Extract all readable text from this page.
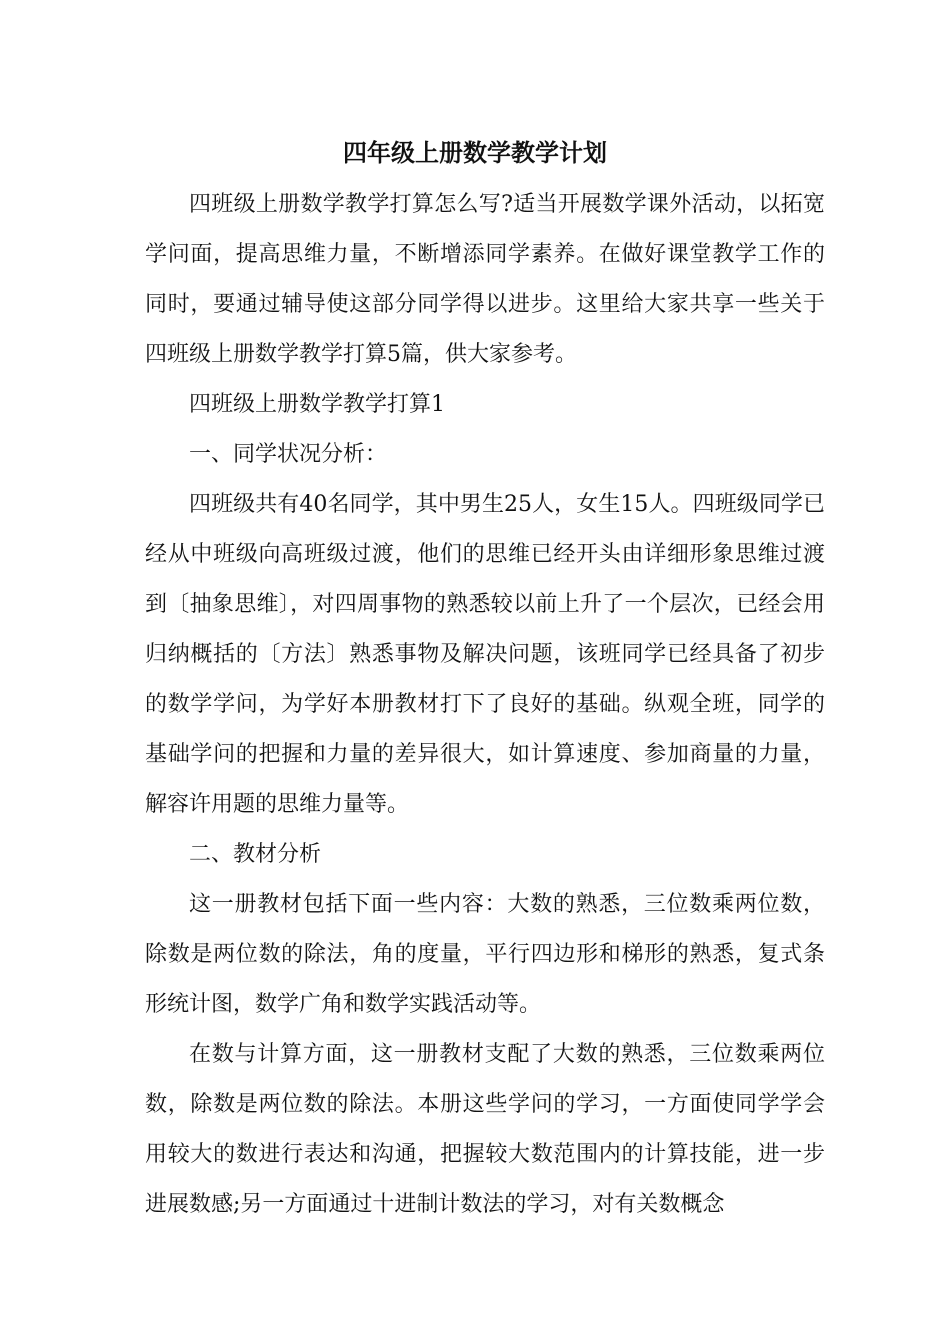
四年级上册数学教学计划

四班级上册数学教学打算怎么写?适当开展数学课外活动，以拓宽学问面，提高思维力量，不断增添同学素养。在做好课堂教学工作的同时，要通过辅导使这部分同学得以进步。这里给大家共享一些关于四班级上册数学教学打算5篇，供大家参考。

四班级上册数学教学打算1

一、同学状况分析：

四班级共有40名同学，其中男生25人，女生15人。四班级同学已经从中班级向高班级过渡，他们的思维已经开头由详细形象思维过渡到〔抽象思维〕，对四周事物的熟悉较以前上升了一个层次，已经会用归纳概括的〔方法〕熟悉事物及解决问题，该班同学已经具备了初步的数学学问，为学好本册教材打下了良好的基础。纵观全班，同学的基础学问的把握和力量的差异很大，如计算速度、参加商量的力量，解容许用题的思维力量等。

二、教材分析

这一册教材包括下面一些内容：大数的熟悉，三位数乘两位数，除数是两位数的除法，角的度量，平行四边形和梯形的熟悉，复式条形统计图，数学广角和数学实践活动等。

在数与计算方面，这一册教材支配了大数的熟悉，三位数乘两位数，除数是两位数的除法。本册这些学问的学习，一方面使同学学会用较大的数进行表达和沟通，把握较大数范围内的计算技能，进一步进展数感;另一方面通过十进制计数法的学习，对有关数概念
